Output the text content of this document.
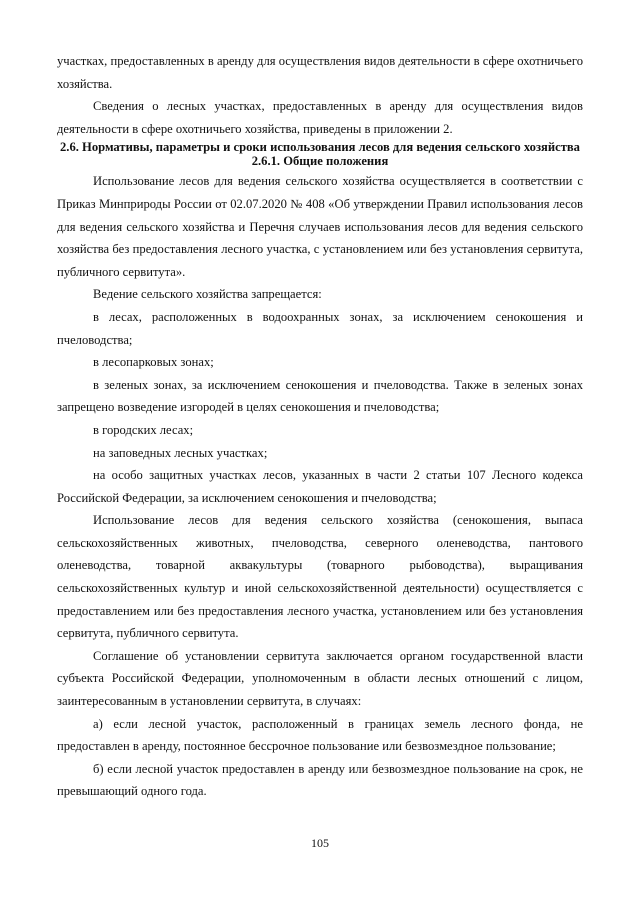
участках, предоставленных в аренду для осуществления видов деятельности в сфере охотничьего хозяйства.

Сведения о лесных участках, предоставленных в аренду для осуществления видов деятельности в сфере охотничьего хозяйства, приведены в приложении 2.

2.6. Нормативы, параметры и сроки использования лесов для ведения сельского хозяйства

2.6.1. Общие положения

Использование лесов для ведения сельского хозяйства осуществляется в соответствии с Приказ Минприроды России от 02.07.2020 № 408 «Об утверждении Правил использования лесов для ведения сельского хозяйства и Перечня случаев использования лесов для ведения сельского хозяйства без предоставления лесного участка, с установлением или без установления сервитута, публичного сервитута».

Ведение сельского хозяйства запрещается:

в лесах, расположенных в водоохранных зонах, за исключением сенокошения и пчеловодства;

в лесопарковых зонах;

в зеленых зонах, за исключением сенокошения и пчеловодства. Также в зеленых зонах запрещено возведение изгородей в целях сенокошения и пчеловодства;

в городских лесах;

на заповедных лесных участках;

на особо защитных участках лесов, указанных в части 2 статьи 107 Лесного кодекса Российской Федерации, за исключением сенокошения и пчеловодства;

Использование лесов для ведения сельского хозяйства (сенокошения, выпаса сельскохозяйственных животных, пчеловодства, северного оленеводства, пантового оленеводства, товарной аквакультуры (товарного рыбоводства), выращивания сельскохозяйственных культур и иной сельскохозяйственной деятельности) осуществляется с предоставлением или без предоставления лесного участка, установлением или без установления сервитута, публичного сервитута.

Соглашение об установлении сервитута заключается органом государственной власти субъекта Российской Федерации, уполномоченным в области лесных отношений с лицом, заинтересованным в установлении сервитута, в случаях:

а) если лесной участок, расположенный в границах земель лесного фонда, не предоставлен в аренду, постоянное бессрочное пользование или безвозмездное пользование;

б) если лесной участок предоставлен в аренду или безвозмездное пользование на срок, не превышающий одного года.

105
